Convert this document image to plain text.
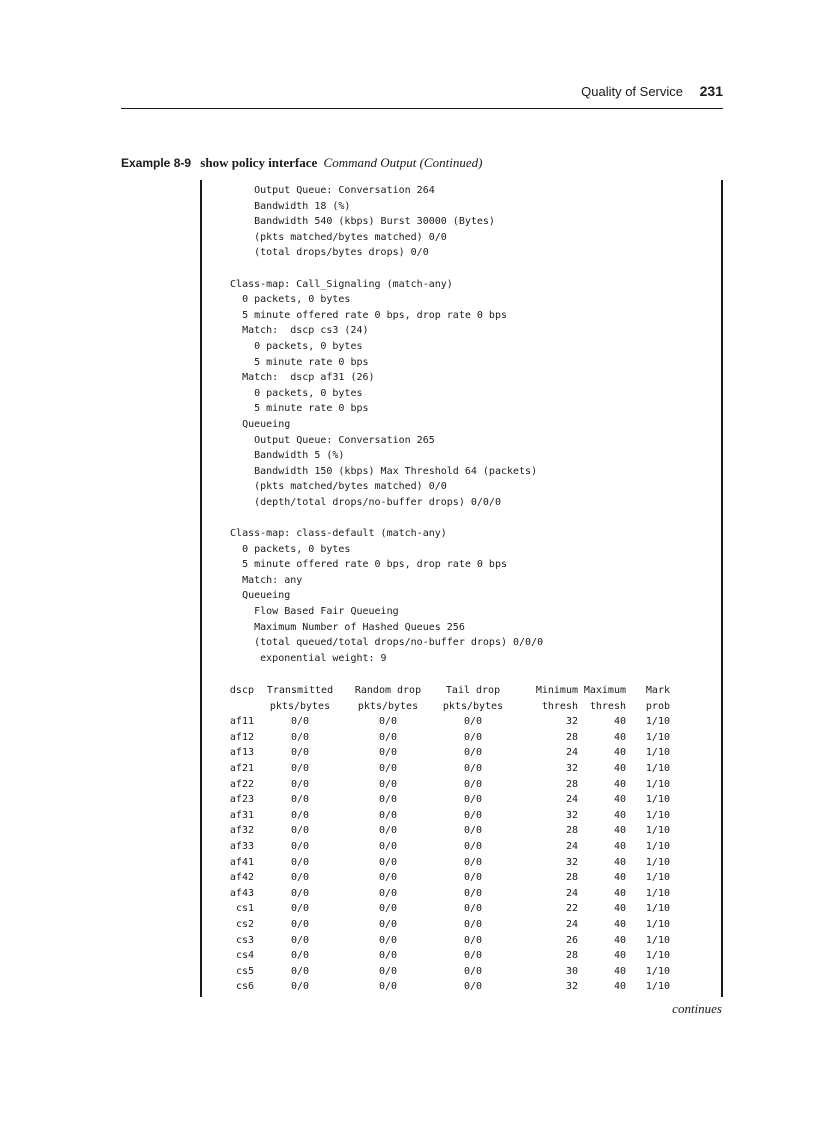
Quality of Service 231
Example 8-9 show policy interface Command Output (Continued)
Output Queue: Conversation 264
Bandwidth 18 (%)
Bandwidth 540 (kbps) Burst 30000 (Bytes)
(pkts matched/bytes matched) 0/0
(total drops/bytes drops) 0/0
Class-map: Call_Signaling (match-any)
0 packets, 0 bytes
5 minute offered rate 0 bps, drop rate 0 bps
Match:  dscp cs3 (24)
0 packets, 0 bytes
5 minute rate 0 bps
Match:  dscp af31 (26)
0 packets, 0 bytes
5 minute rate 0 bps
Queueing
Output Queue: Conversation 265
Bandwidth 5 (%)
Bandwidth 150 (kbps) Max Threshold 64 (packets)
(pkts matched/bytes matched) 0/0
(depth/total drops/no-buffer drops) 0/0/0
Class-map: class-default (match-any)
0 packets, 0 bytes
5 minute offered rate 0 bps, drop rate 0 bps
Match: any
Queueing
Flow Based Fair Queueing
Maximum Number of Hashed Queues 256
(total queued/total drops/no-buffer drops) 0/0/0
exponential weight: 9
dscp	Transmitted	Random drop	Tail drop	Minimum	Maximum	Mark
	pkts/bytes	pkts/bytes	pkts/bytes	thresh	thresh	prob
af11	0/0	0/0	0/0	32	40	1/10
af12	0/0	0/0	0/0	28	40	1/10
af13	0/0	0/0	0/0	24	40	1/10
af21	0/0	0/0	0/0	32	40	1/10
af22	0/0	0/0	0/0	28	40	1/10
af23	0/0	0/0	0/0	24	40	1/10
af31	0/0	0/0	0/0	32	40	1/10
af32	0/0	0/0	0/0	28	40	1/10
af33	0/0	0/0	0/0	24	40	1/10
af41	0/0	0/0	0/0	32	40	1/10
af42	0/0	0/0	0/0	28	40	1/10
af43	0/0	0/0	0/0	24	40	1/10
cs1	0/0	0/0	0/0	22	40	1/10
cs2	0/0	0/0	0/0	24	40	1/10
cs3	0/0	0/0	0/0	26	40	1/10
cs4	0/0	0/0	0/0	28	40	1/10
cs5	0/0	0/0	0/0	30	40	1/10
cs6	0/0	0/0	0/0	32	40	1/10
continues
